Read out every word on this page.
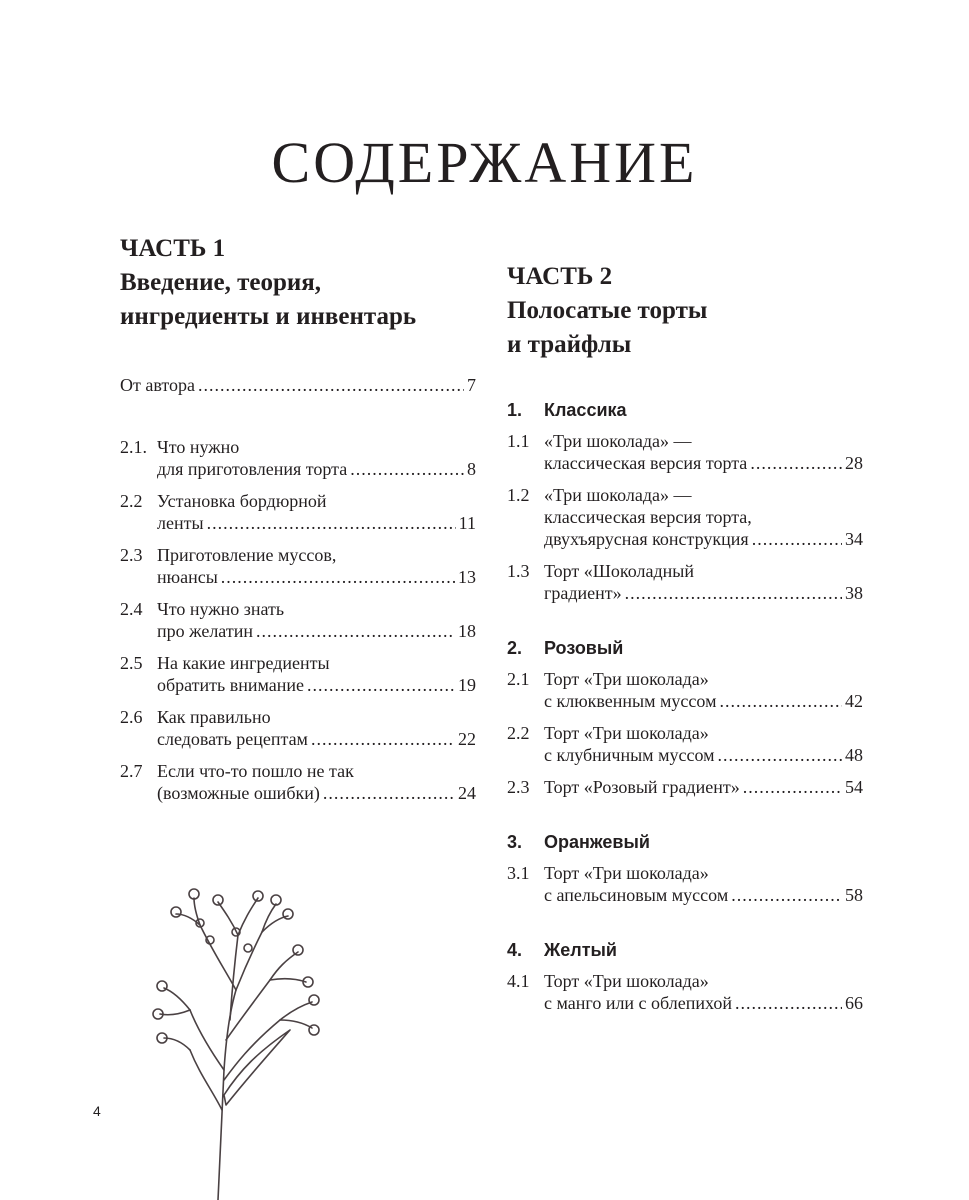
СОДЕРЖАНИЕ
ЧАСТЬ 1
Введение, теория,
ингредиенты и инвентарь
От автора .....	7
2.1. Что нужно
для приготовления торта .....	8
2.2 Установка бордюрной
ленты .....	11
2.3 Приготовление муссов,
нюансы .....	13
2.4 Что нужно знать
про желатин .....	18
2.5 На какие ингредиенты
обратить внимание .....	19
2.6 Как правильно
следовать рецептам .....	22
2.7 Если что-то пошло не так
(возможные ошибки) .....	24
ЧАСТЬ 2
Полосатые торты
и трайфлы
1. Классика
1.1 «Три шоколада» —
классическая версия торта .....	28
1.2 «Три шоколада» —
классическая версия торта,
двухъярусная конструкция .....	34
1.3 Торт «Шоколадный
градиент» .....	38
2. Розовый
2.1 Торт «Три шоколада»
с клюквенным муссом .....	42
2.2 Торт «Три шоколада»
с клубничным муссом .....	48
2.3 Торт «Розовый градиент» .....	54
3. Оранжевый
3.1 Торт «Три шоколада»
с апельсиновым муссом .....	58
4. Желтый
4.1 Торт «Три шоколада»
с манго или с облепихой .....	66
4
